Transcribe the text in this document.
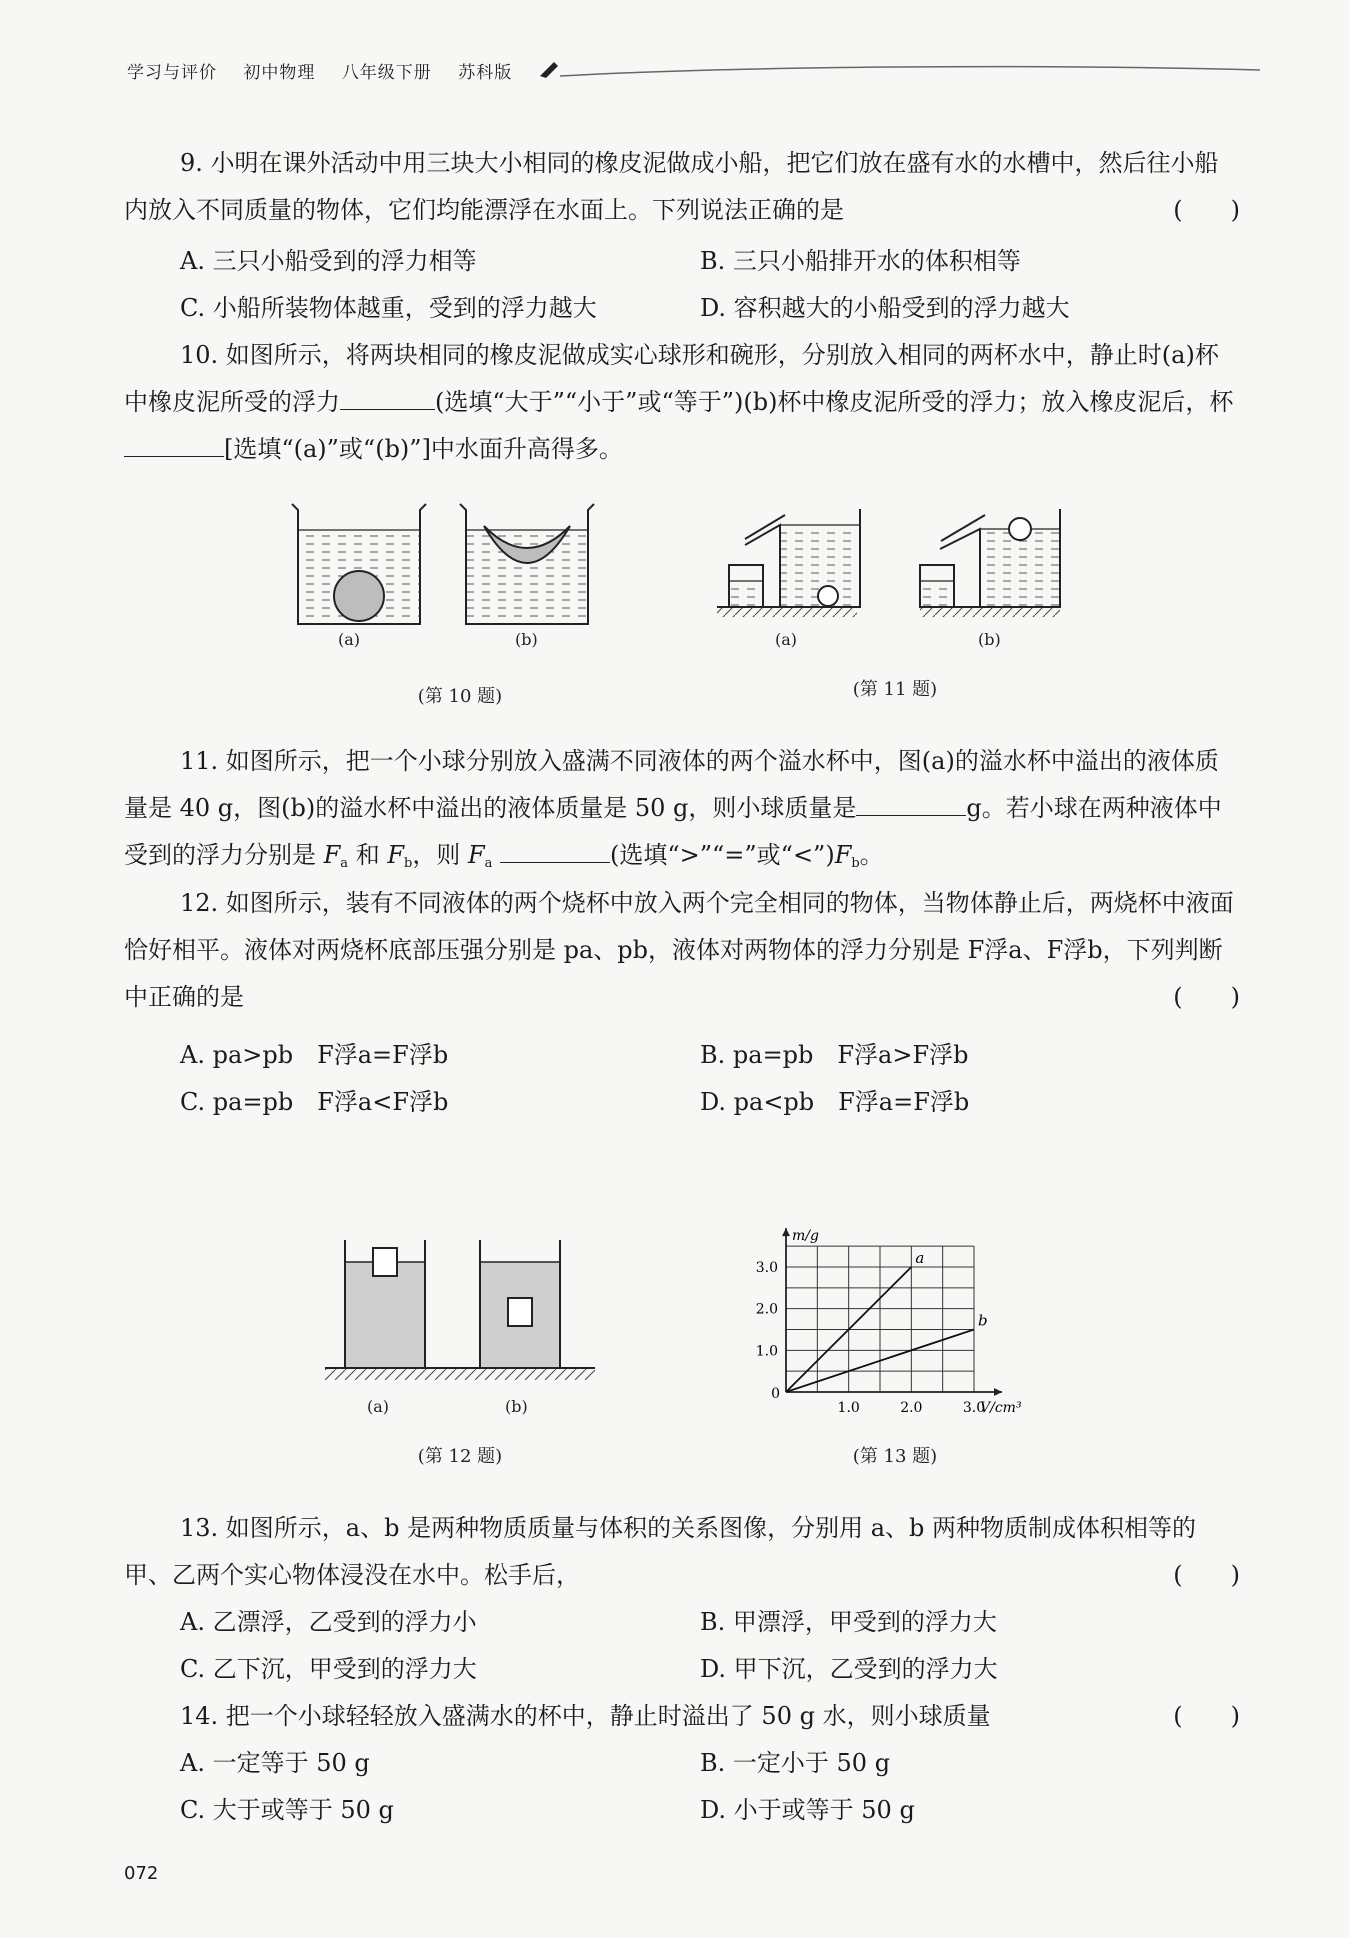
学习与评价 初中物理 八年级下册 苏科版

9. 小明在课外活动中用三块大小相同的橡皮泥做成小船，把它们放在盛有水的水槽中，然后往小船内放入不同质量的物体，它们均能漂浮在水面上。下列说法正确的是	(　　)

A. 三只小船受到的浮力相等	B. 三只小船排开水的体积相等
C. 小船所装物体越重，受到的浮力越大	D. 容积越大的小船受到的浮力越大

10. 如图所示，将两块相同的橡皮泥做成实心球形和碗形，分别放入相同的两杯水中，静止时(a)杯中橡皮泥所受的浮力	(选填“大于”“小于”或“等于”)(b)杯中橡皮泥所受的浮力；放入橡皮泥后，杯[选填“(a)”或“(b)”]中水面升高得多。

(a)	(b)
(第 10 题)
(a)	(b)
(第 11 题)

11. 如图所示，把一个小球分别放入盛满不同液体的两个溢水杯中，图(a)的溢水杯中溢出的液体质量是 40 g，图(b)的溢水杯中溢出的液体质量是 50 g，则小球质量是	g。若小球在两种液体中受到的浮力分别是 $F_a$ 和 $F_b$，则 $F_a$	(选填“>”“=”或“$<”)F_b$。

12. 如图所示，装有不同液体的两个烧杯中放入两个完全相同的物体，当物体静止后，两烧杯中液面恰好相平。液体对两烧杯底部压强分别是 pa、pb，液体对两物体的浮力分别是 F浮a、F浮b，下列判断中正确的是	(　　)

A. pa>pb　F浮a=F浮b	B. pa=pb　F浮a>F浮b
C. pa=pb　F浮a<F浮b	D. pa<pb　F浮a=F浮b
(a)	(b)
(第 12 题)
1.0	2.0	3.0
1.0
2.0
3.0
0
V/cm³
m/g
a
b
(第 13 题)

13. 如图所示，a、b 是两种物质质量与体积的关系图像，分别用 a、b 两种物质制成体积相等的甲、乙两个实心物体浸没在水中。松手后，	(　　)

A. 乙漂浮，乙受到的浮力小	B. 甲漂浮，甲受到的浮力大
C. 乙下沉，甲受到的浮力大	D. 甲下沉，乙受到的浮力大

14. 把一个小球轻轻放入盛满水的杯中，静止时溢出了 50 g 水，则小球质量	(　　)

A. 一定等于 50 g	B. 一定小于 50 g
C. 大于或等于 50 g	D. 小于或等于 50 g
072
